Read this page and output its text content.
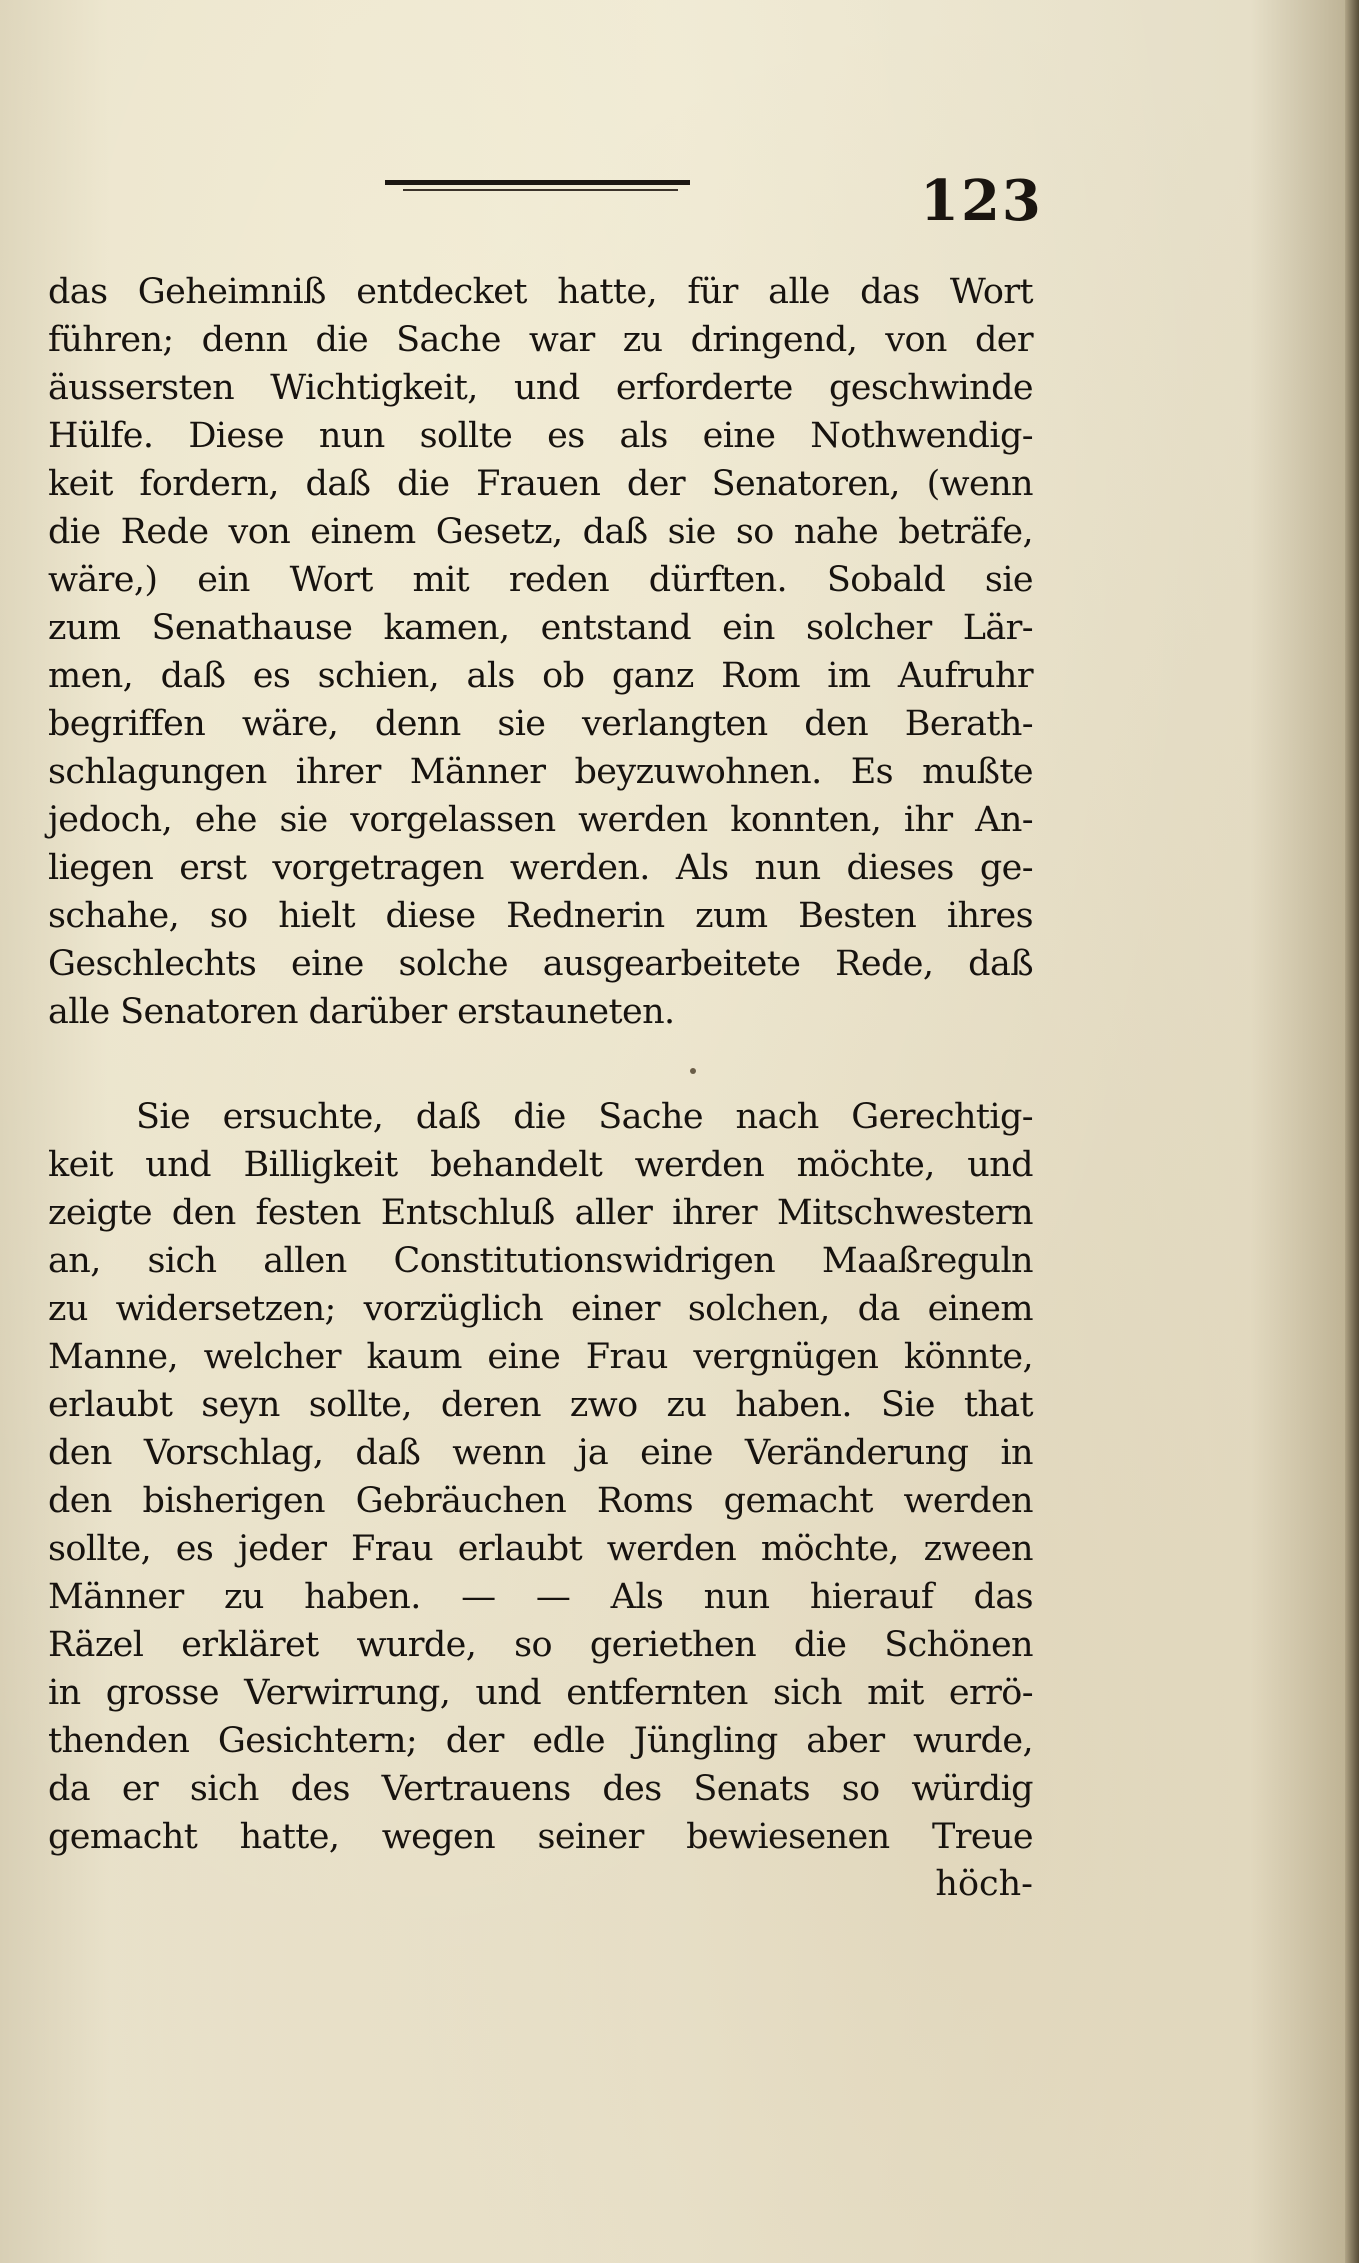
123
das Geheimniß entdecket hatte, für alle das Wort
führen; denn die Sache war zu dringend, von der
äussersten Wichtigkeit, und erforderte geschwinde
Hülfe. Diese nun sollte es als eine Nothwendig-
keit fordern, daß die Frauen der Senatoren, (wenn
die Rede von einem Gesetz, daß sie so nahe beträfe,
wäre,) ein Wort mit reden dürften. Sobald sie
zum Senathause kamen, entstand ein solcher Lär-
men, daß es schien, als ob ganz Rom im Aufruhr
begriffen wäre, denn sie verlangten den Berath-
schlagungen ihrer Männer beyzuwohnen. Es mußte
jedoch, ehe sie vorgelassen werden konnten, ihr An-
liegen erst vorgetragen werden. Als nun dieses ge-
schahe, so hielt diese Rednerin zum Besten ihres
Geschlechts eine solche ausgearbeitete Rede, daß
alle Senatoren darüber erstauneten.
Sie ersuchte, daß die Sache nach Gerechtig-
keit und Billigkeit behandelt werden möchte, und
zeigte den festen Entschluß aller ihrer Mitschwestern
an, sich allen Constitutionswidrigen Maaßreguln
zu widersetzen; vorzüglich einer solchen, da einem
Manne, welcher kaum eine Frau vergnügen könnte,
erlaubt seyn sollte, deren zwo zu haben. Sie that
den Vorschlag, daß wenn ja eine Veränderung in
den bisherigen Gebräuchen Roms gemacht werden
sollte, es jeder Frau erlaubt werden möchte, zween
Männer zu haben. — — Als nun hierauf das
Räzel erkläret wurde, so geriethen die Schönen
in grosse Verwirrung, und entfernten sich mit errö-
thenden Gesichtern; der edle Jüngling aber wurde,
da er sich des Vertrauens des Senats so würdig
gemacht hatte, wegen seiner bewiesenen Treue
höch-
